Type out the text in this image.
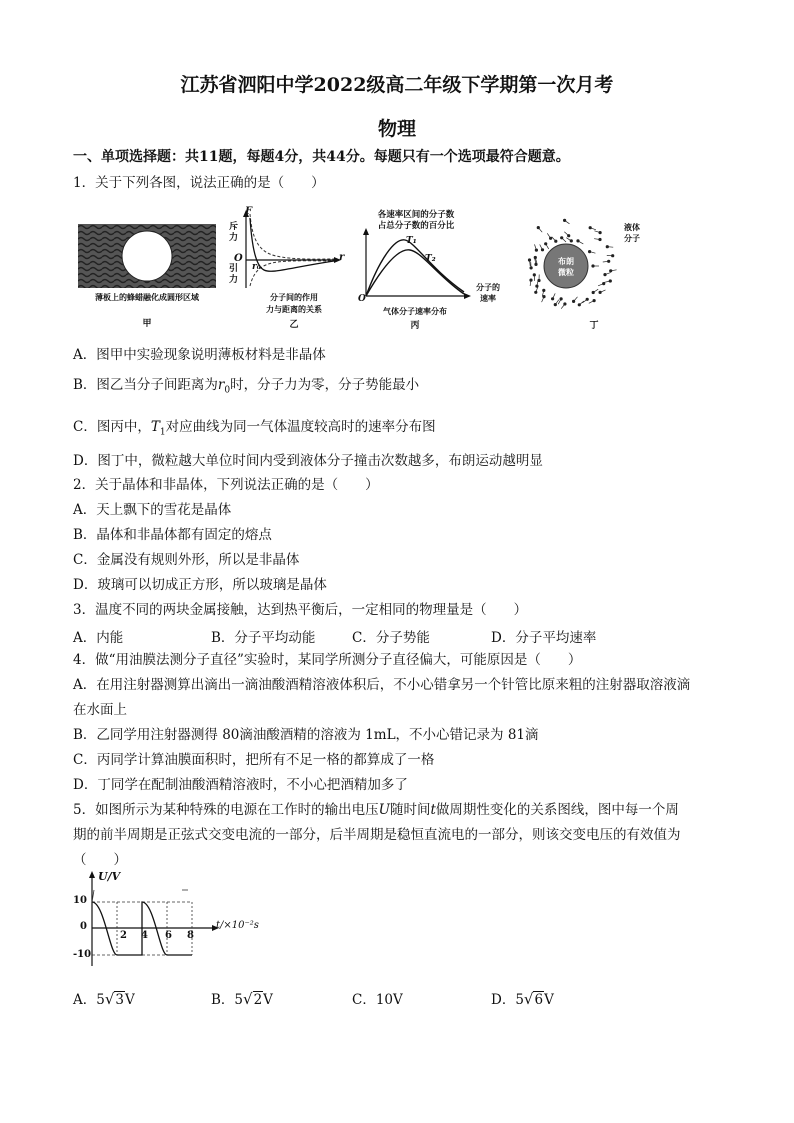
江苏省泗阳中学2022级高二年级下学期第一次月考
物理
一、单项选择题：共11题，每题4分，共44分。每题只有一个选项最符合题意。
1．关于下列各图，说法正确的是（　　）
薄板上的蜂蜡融化成圆形区域
甲
F
斥力
O
引力
r₀
r
分子间的作用
力与距离的关系
乙
各速率区间的分子数
占总分子数的百分比
T₁
T₂
O
分子的
速率
气体分子速率分布
丙
布朗
微粒
液体
分子
丁
A．图甲中实验现象说明薄板材料是非晶体
B．图乙当分子间距离为$r_0$时，分子力为零，分子势能最小
C．图丙中，$T_1$对应曲线为同一气体温度较高时的速率分布图
D．图丁中，微粒越大单位时间内受到液体分子撞击次数越多，布朗运动越明显
2．关于晶体和非晶体，下列说法正确的是（　　）
A．天上飘下的雪花是晶体
B．晶体和非晶体都有固定的熔点
C．金属没有规则外形，所以是非晶体
D．玻璃可以切成正方形，所以玻璃是晶体
3．温度不同的两块金属接触，达到热平衡后，一定相同的物理量是（　　）
A．内能	B．分子平均动能	C．分子势能	D．分子平均速率
4．做“用油膜法测分子直径”实验时，某同学所测分子直径偏大，可能原因是（　　）
A．在用注射器测算出滴出一滴油酸酒精溶液体积后，不小心错拿另一个针管比原来粗的注射器取溶液滴
在水面上
B．乙同学用注射器测得 80滴油酸酒精的溶液为 1mL，不小心错记录为 81滴
C．丙同学计算油膜面积时，把所有不足一格的都算成了一格
D．丁同学在配制油酸酒精溶液时，不小心把酒精加多了
5．如图所示为某种特殊的电源在工作时的输出电压U随时间t做周期性变化的关系图线，图中每一个周
期的前半周期是正弦式交变电流的一部分，后半周期是稳恒直流电的一部分，则该交变电压的有效值为
（　　）
U/V
10
0
-10
2 4 6 8
t/×10⁻²s
A．5√3V	B．5√2V	C．10V	D．5√6V
